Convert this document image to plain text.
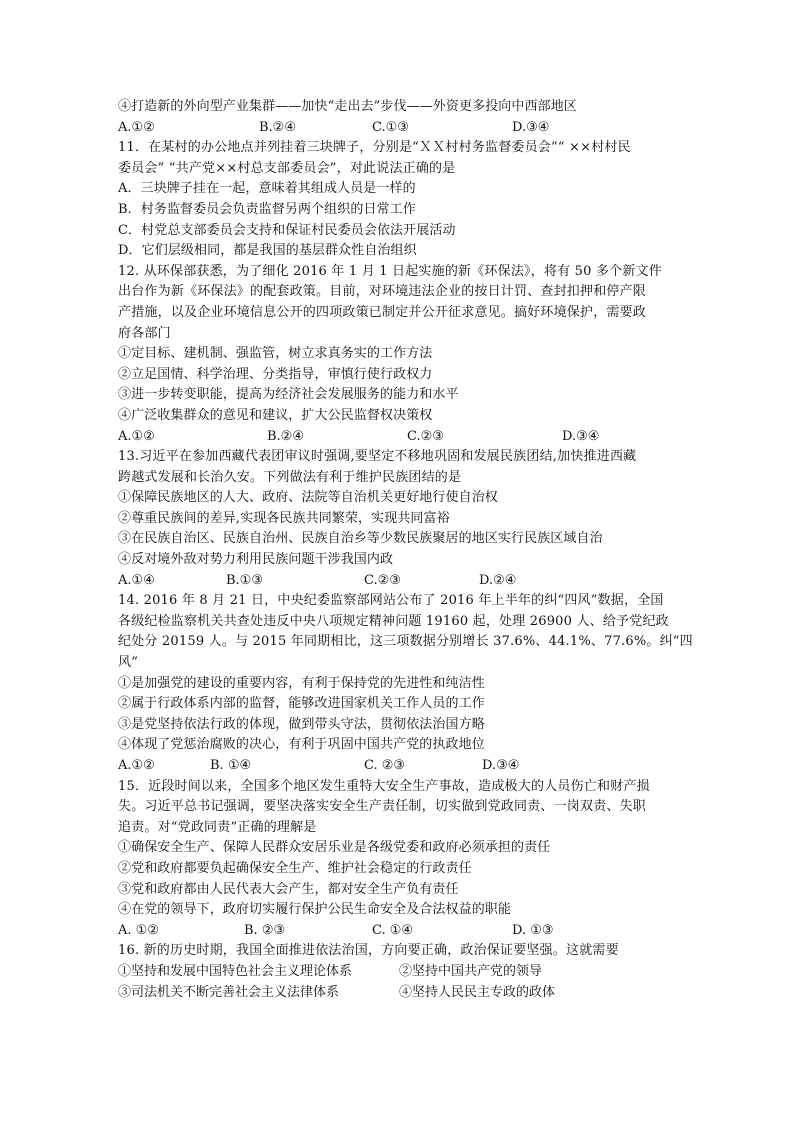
④打造新的外向型产业集群——加快“走出去”步伐——外资更多投向中西部地区
A.①②	B.②④	C.①③	D.③④
11．在某村的办公地点并列挂着三块牌子，分别是“ＸＸ村村务监督委员会”“ ××村村民
委员会” “共产党××村总支部委员会”，对此说法正确的是
A．三块牌子挂在一起，意味着其组成人员是一样的
B．村务监督委员会负责监督另两个组织的日常工作
C．村党总支部委员会支持和保证村民委员会依法开展活动
D．它们层级相同，都是我国的基层群众性自治组织
12. 从环保部获悉，为了细化 2016 年 1 月 1 日起实施的新《环保法》，将有 50 多个新文件
出台作为新《环保法》的配套政策。目前，对环境违法企业的按日计罚、查封扣押和停产限
产措施，以及企业环境信息公开的四项政策已制定并公开征求意见。搞好环境保护，需要政
府各部门
①定目标、建机制、强监管，树立求真务实的工作方法
②立足国情、科学治理、分类指导，审慎行使行政权力
③进一步转变职能，提高为经济社会发展服务的能力和水平
④广泛收集群众的意见和建议，扩大公民监督权决策权
A.①②	B.②④	C.②③	D.③④
13.习近平在参加西藏代表团审议时强调,要坚定不移地巩固和发展民族团结,加快推进西藏
跨越式发展和长治久安。下列做法有利于维护民族团结的是
①保障民族地区的人大、政府、法院等自治机关更好地行使自治权
②尊重民族间的差异,实现各民族共同繁荣，实现共同富裕
③在民族自治区、民族自治州、民族自治乡等少数民族聚居的地区实行民族区域自治
④反对境外敌对势力利用民族问题干涉我国内政
A.①④	B.①③	C.②③	D.②④
14. 2016 年 8 月 21 日，中央纪委监察部网站公布了 2016 年上半年的纠“四风”数据，全国
各级纪检监察机关共查处违反中央八项规定精神问题 19160 起，处理 26900 人、给予党纪政
纪处分 20159 人。与 2015 年同期相比，这三项数据分别增长 37.6%、44.1%、77.6%。纠“四
风”
①是加强党的建设的重要内容，有利于保持党的先进性和纯洁性
②属于行政体系内部的监督，能够改进国家机关工作人员的工作
③是党坚持依法行政的体现，做到带头守法，贯彻依法治国方略
④体现了党惩治腐败的决心，有利于巩固中国共产党的执政地位
A.①②	B. ①④	C. ②③	D.③④
15．近段时间以来，全国多个地区发生重特大安全生产事故，造成极大的人员伤亡和财产损
失。习近平总书记强调，要坚决落实安全生产责任制，切实做到党政同责、一岗双责、失职
追责。对“党政同责”正确的理解是
①确保安全生产、保障人民群众安居乐业是各级党委和政府必须承担的责任
②党和政府都要负起确保安全生产、维护社会稳定的行政责任
③党和政府都由人民代表大会产生，都对安全生产负有责任
④在党的领导下，政府切实履行保护公民生命安全及合法权益的职能
A. ①②	B. ②③	C. ①④	D. ①③
16. 新的历史时期，我国全面推进依法治国，方向要正确，政治保证要坚强。这就需要
①坚持和发展中国特色社会主义理论体系	②坚持中国共产党的领导
③司法机关不断完善社会主义法律体系	④坚持人民民主专政的政体
